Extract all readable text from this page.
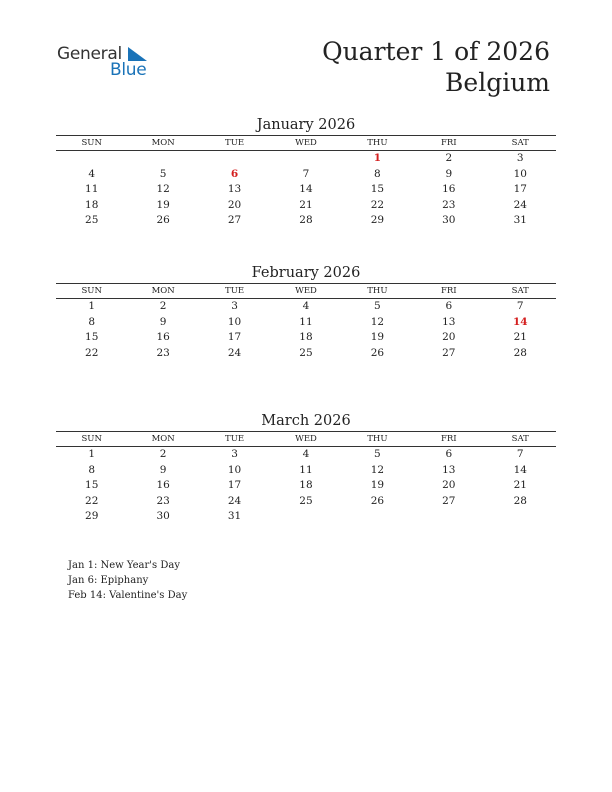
General
Blue
Quarter 1 of 2026
Belgium
January 2026
SUN	MON	TUE	WED	THU	FRI	SAT
				1	2	3
4	5	6	7	8	9	10
11	12	13	14	15	16	17
18	19	20	21	22	23	24
25	26	27	28	29	30	31
February 2026
SUN	MON	TUE	WED	THU	FRI	SAT
1	2	3	4	5	6	7
8	9	10	11	12	13	14
15	16	17	18	19	20	21
22	23	24	25	26	27	28
March 2026
SUN	MON	TUE	WED	THU	FRI	SAT
1	2	3	4	5	6	7
8	9	10	11	12	13	14
15	16	17	18	19	20	21
22	23	24	25	26	27	28
29	30	31				
Jan 1: New Year's Day
Jan 6: Epiphany
Feb 14: Valentine's Day
